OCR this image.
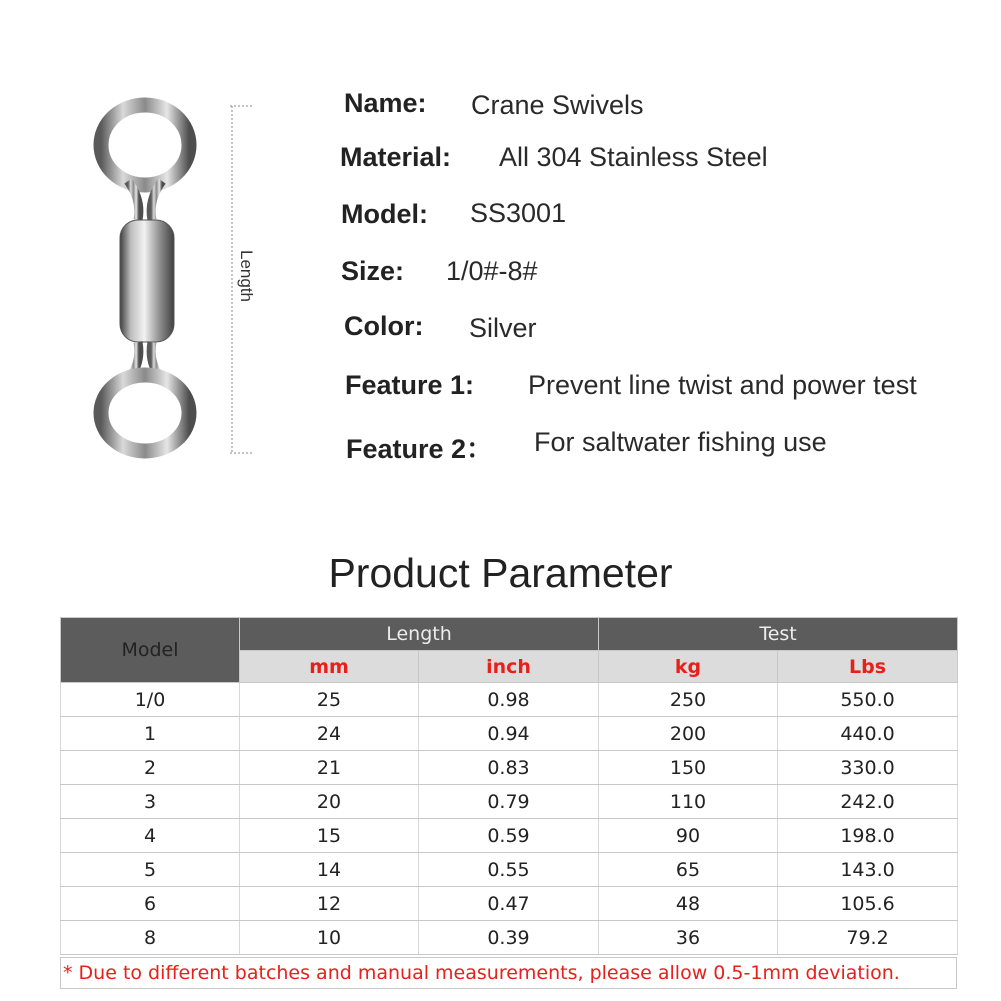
Length
Name: Crane Swivels
Material: All 304 Stainless Steel
Model: SS3001
Size: 1/0#-8#
Color: Silver
Feature 1: Prevent line twist and power test
Feature 2： For saltwater fishing use
Product Parameter
Model	Length		Test	
	mm	inch	kg	Lbs
1/0	25	0.98	250	550.0
1	24	0.94	200	440.0
2	21	0.83	150	330.0
3	20	0.79	110	242.0
4	15	0.59	90	198.0
5	14	0.55	65	143.0
6	12	0.47	48	105.6
8	10	0.39	36	79.2
* Due to different batches and manual measurements, please allow 0.5-1mm deviation.
